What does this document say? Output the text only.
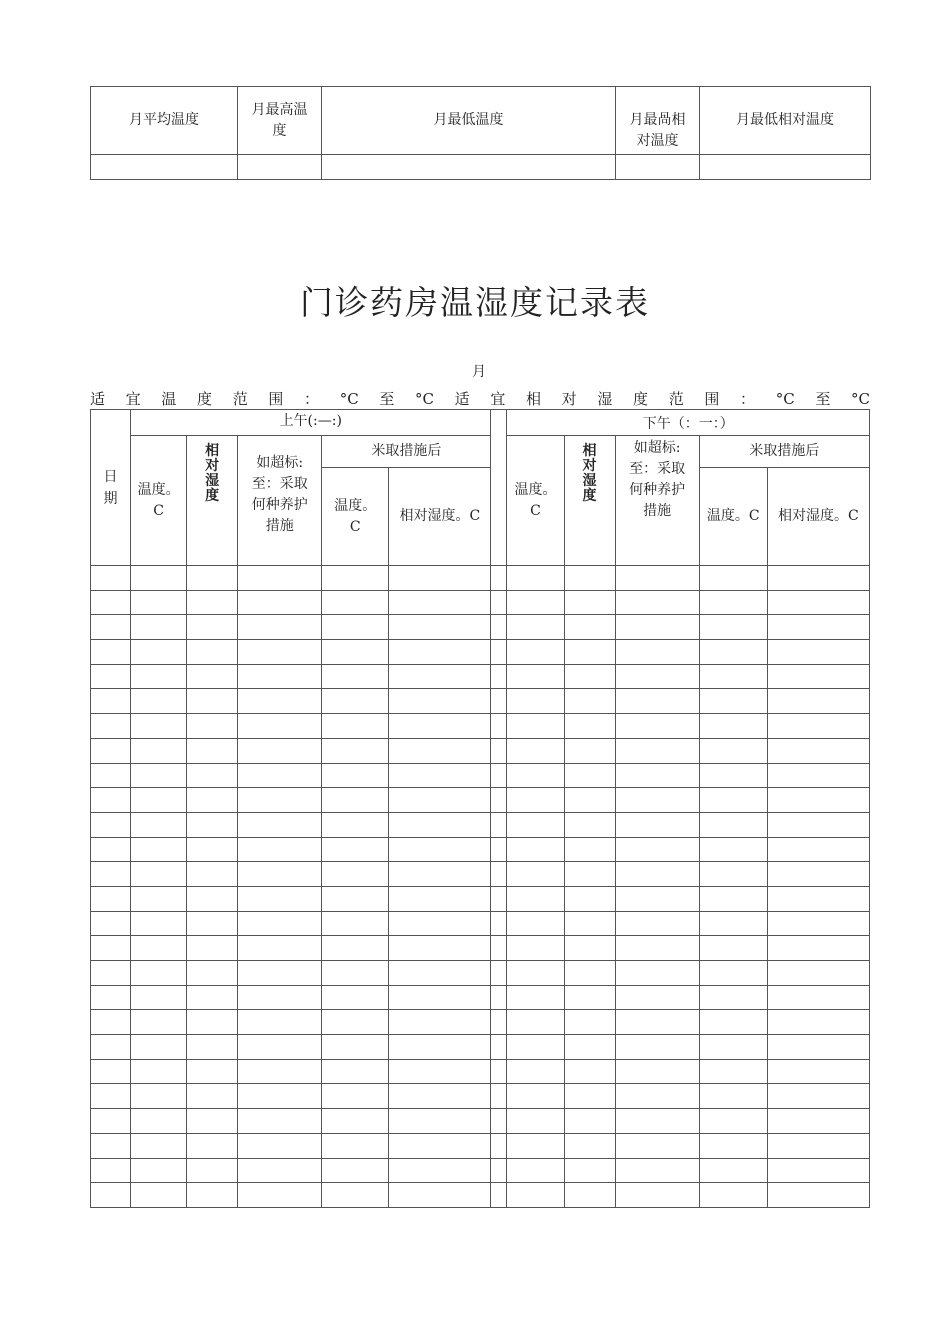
月平均温度	月最高温度	月最低温度	月最咼相对温度	月最低相对温度

门诊药房温湿度记录表
月
适 宜 温 度 范 围 ： °C 至 °C 适 宜 相 对 湿 度 范 围 ： °C 至 °C
日期	上午(:—:)						下午（：一：）				
	温度。C	相对湿度	如超标:至：采取何种养护措施	米取措施后			温度。C	相对湿度	如超标:至：采取何种养护措施	米取措施后	
				温度。C	相对湿度。C					温度。C	相对湿度。C
